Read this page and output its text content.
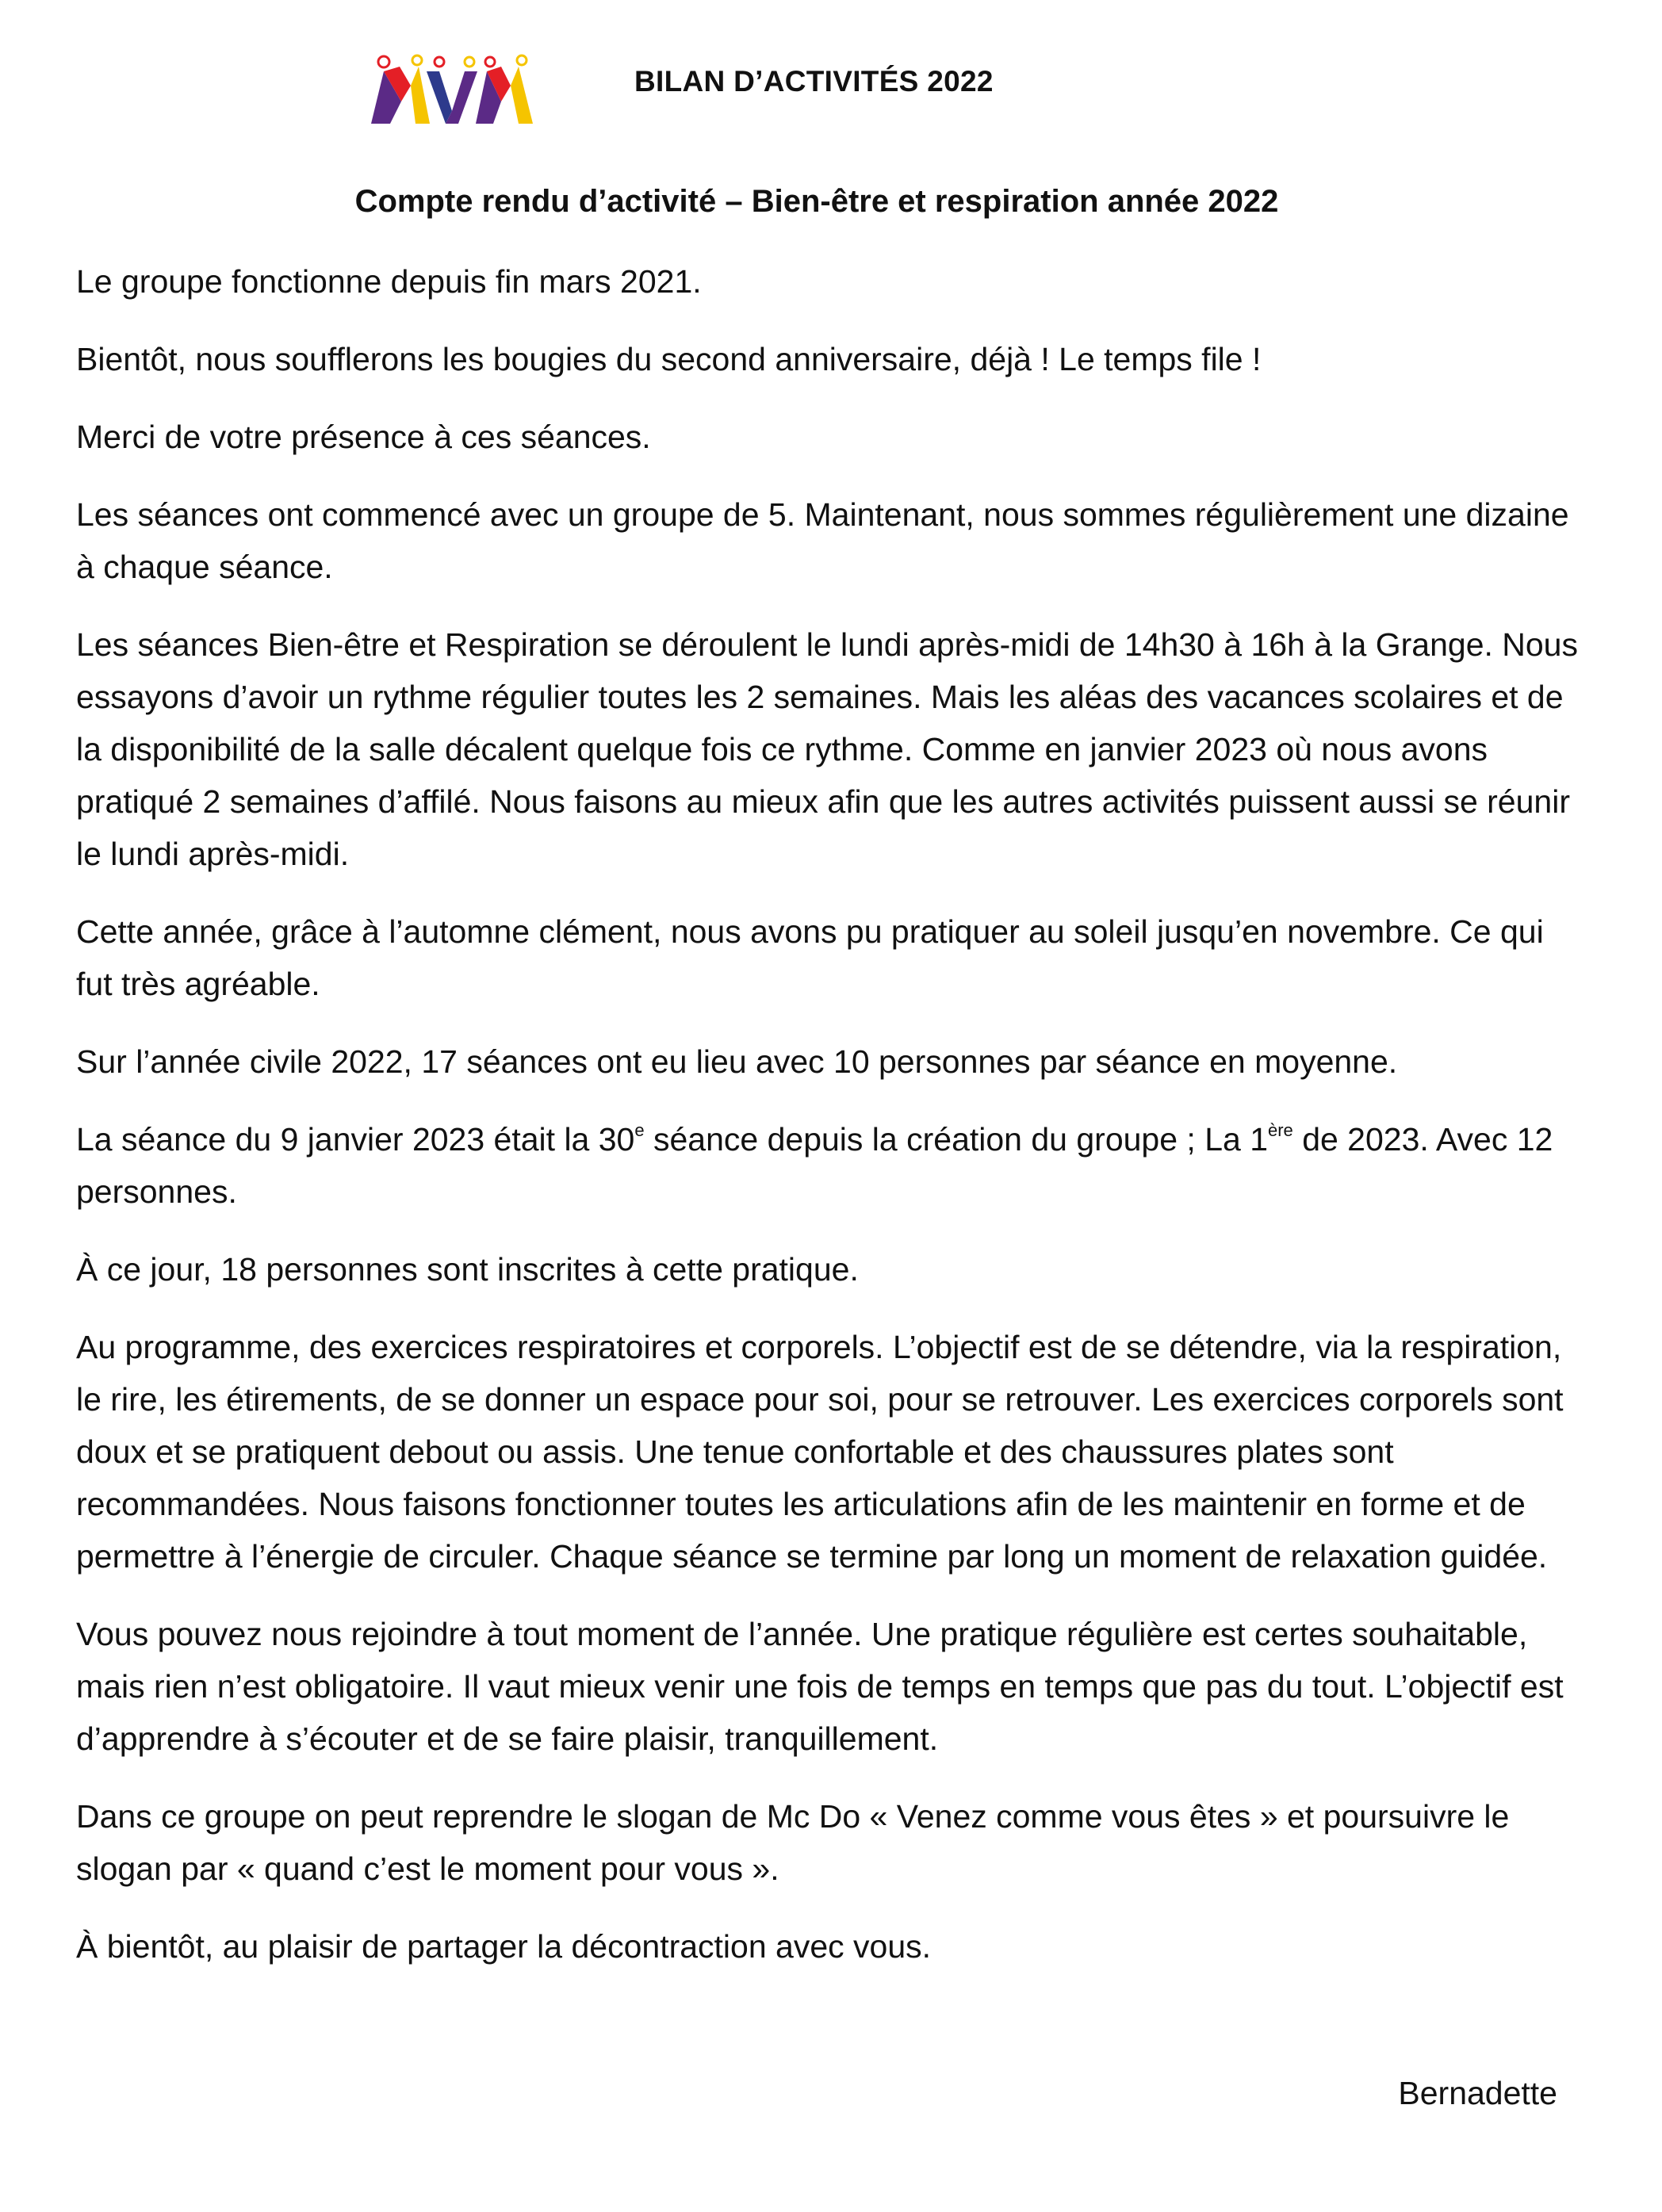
BILAN D’ACTIVITÉS 2022
Compte rendu d’activité – Bien-être et respiration année 2022

Le groupe fonctionne depuis fin mars 2021.

Bientôt, nous soufflerons les bougies du second anniversaire, déjà ! Le temps file !

Merci de votre présence à ces séances.

Les séances ont commencé avec un groupe de 5. Maintenant, nous sommes régulièrement une dizaine à chaque séance.

Les séances Bien-être et Respiration se déroulent le lundi après-midi de 14h30 à 16h à la Grange. Nous essayons d’avoir un rythme régulier toutes les 2 semaines. Mais les aléas des vacances scolaires et de la disponibilité de la salle décalent quelque fois ce rythme. Comme en janvier 2023 où nous avons pratiqué 2 semaines d’affilé. Nous faisons au mieux afin que les autres activités puissent aussi se réunir le lundi après-midi.

Cette année, grâce à l’automne clément, nous avons pu pratiquer au soleil jusqu’en novembre. Ce qui fut très agréable.

Sur l’année civile 2022, 17 séances ont eu lieu avec 10 personnes par séance en moyenne.

La séance du 9 janvier 2023 était la 30e séance depuis la création du groupe ; La 1ère de 2023. Avec 12 personnes.

À ce jour, 18 personnes sont inscrites à cette pratique.

Au programme, des exercices respiratoires et corporels. L’objectif est de se détendre, via la respiration, le rire, les étirements, de se donner un espace pour soi, pour se retrouver. Les exercices corporels sont doux et se pratiquent debout ou assis. Une tenue confortable et des chaussures plates sont recommandées. Nous faisons fonctionner toutes les articulations afin de les maintenir en forme et de permettre à l’énergie de circuler. Chaque séance se termine par long un moment de relaxation guidée.

Vous pouvez nous rejoindre à tout moment de l’année. Une pratique régulière est certes souhaitable, mais rien n’est obligatoire. Il vaut mieux venir une fois de temps en temps que pas du tout. L’objectif est d’apprendre à s’écouter et de se faire plaisir, tranquillement.

Dans ce groupe on peut reprendre le slogan de Mc Do « Venez comme vous êtes » et poursuivre le slogan par « quand c’est le moment pour vous ».

À bientôt, au plaisir de partager la décontraction avec vous.

Bernadette
